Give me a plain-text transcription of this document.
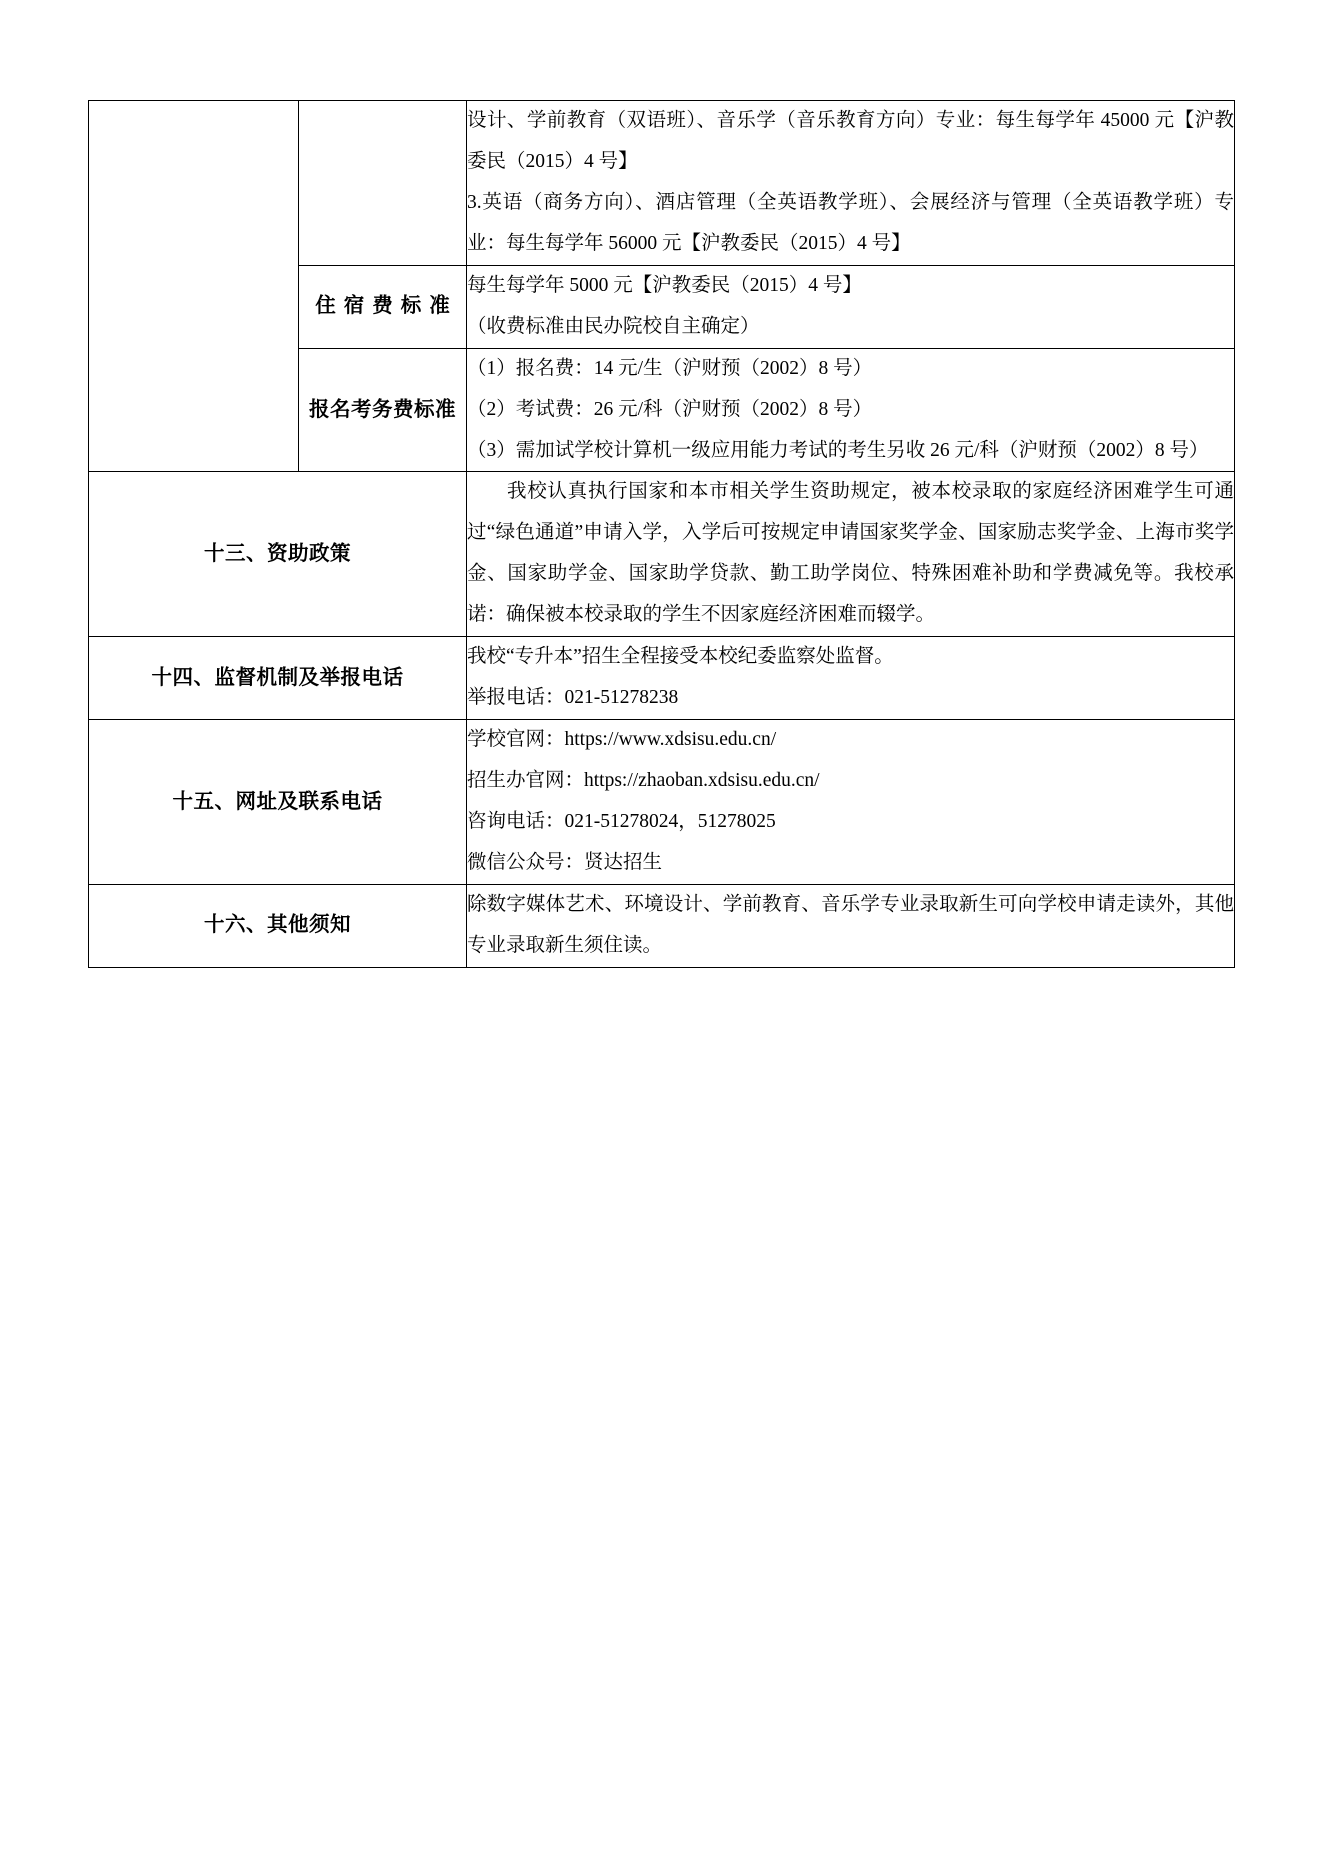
		设计、学前教育（双语班）、音乐学（音乐教育方向）专业：每生每学年 45000 元【沪教委民（2015）4 号】

3.英语（商务方向）、酒店管理（全英语教学班）、会展经济与管理（全英语教学班）专业：每生每学年 56000 元【沪教委民（2015）4 号】

	住宿费标准	每生每学年 5000 元【沪教委民（2015）4 号】

（收费标准由民办院校自主确定）

	报名考务费标准	（1）报名费：14 元/生（沪财预（2002）8 号）

（2）考试费：26 元/科（沪财预（2002）8 号）

（3）需加试学校计算机一级应用能力考试的考生另收 26 元/科（沪财预（2002）8 号）

十三、资助政策		我校认真执行国家和本市相关学生资助规定，被本校录取的家庭经济困难学生可通过“绿色通道”申请入学，入学后可按规定申请国家奖学金、国家励志奖学金、上海市奖学金、国家助学金、国家助学贷款、勤工助学岗位、特殊困难补助和学费减免等。我校承诺：确保被本校录取的学生不因家庭经济困难而辍学。

十四、监督机制及举报电话		我校“专升本”招生全程接受本校纪委监察处监督。

举报电话：021-51278238

十五、网址及联系电话		学校官网：https://www.xdsisu.edu.cn/

招生办官网：https://zhaoban.xdsisu.edu.cn/

咨询电话：021-51278024，51278025

微信公众号：贤达招生

十六、其他须知		除数字媒体艺术、环境设计、学前教育、音乐学专业录取新生可向学校申请走读外，其他专业录取新生须住读。
